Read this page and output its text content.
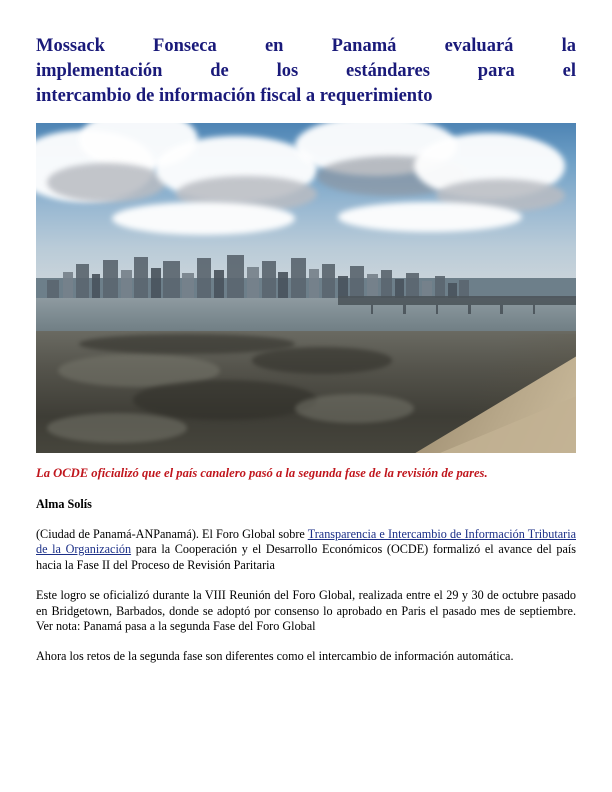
Mossack Fonseca en Panamá evaluará la
implementación de los estándares para el
intercambio de información fiscal a requerimiento

La OCDE oficializó que el país canalero pasó a la segunda fase de la revisión de pares.

Alma Solís

(Ciudad de Panamá-ANPanamá). El Foro Global sobre Transparencia e Intercambio de Información Tributaria de la Organización para la Cooperación y el Desarrollo Económicos (OCDE) formalizó el avance del país hacia la Fase II del Proceso de Revisión Paritaria

Este logro se oficializó durante la VIII Reunión del Foro Global, realizada entre el 29 y 30 de octubre pasado en Bridgetown, Barbados, donde se adoptó por consenso lo aprobado en Paris el pasado mes de septiembre. Ver nota: Panamá pasa a la segunda Fase del Foro Global

Ahora los retos de la segunda fase son diferentes como el intercambio de información automática.
